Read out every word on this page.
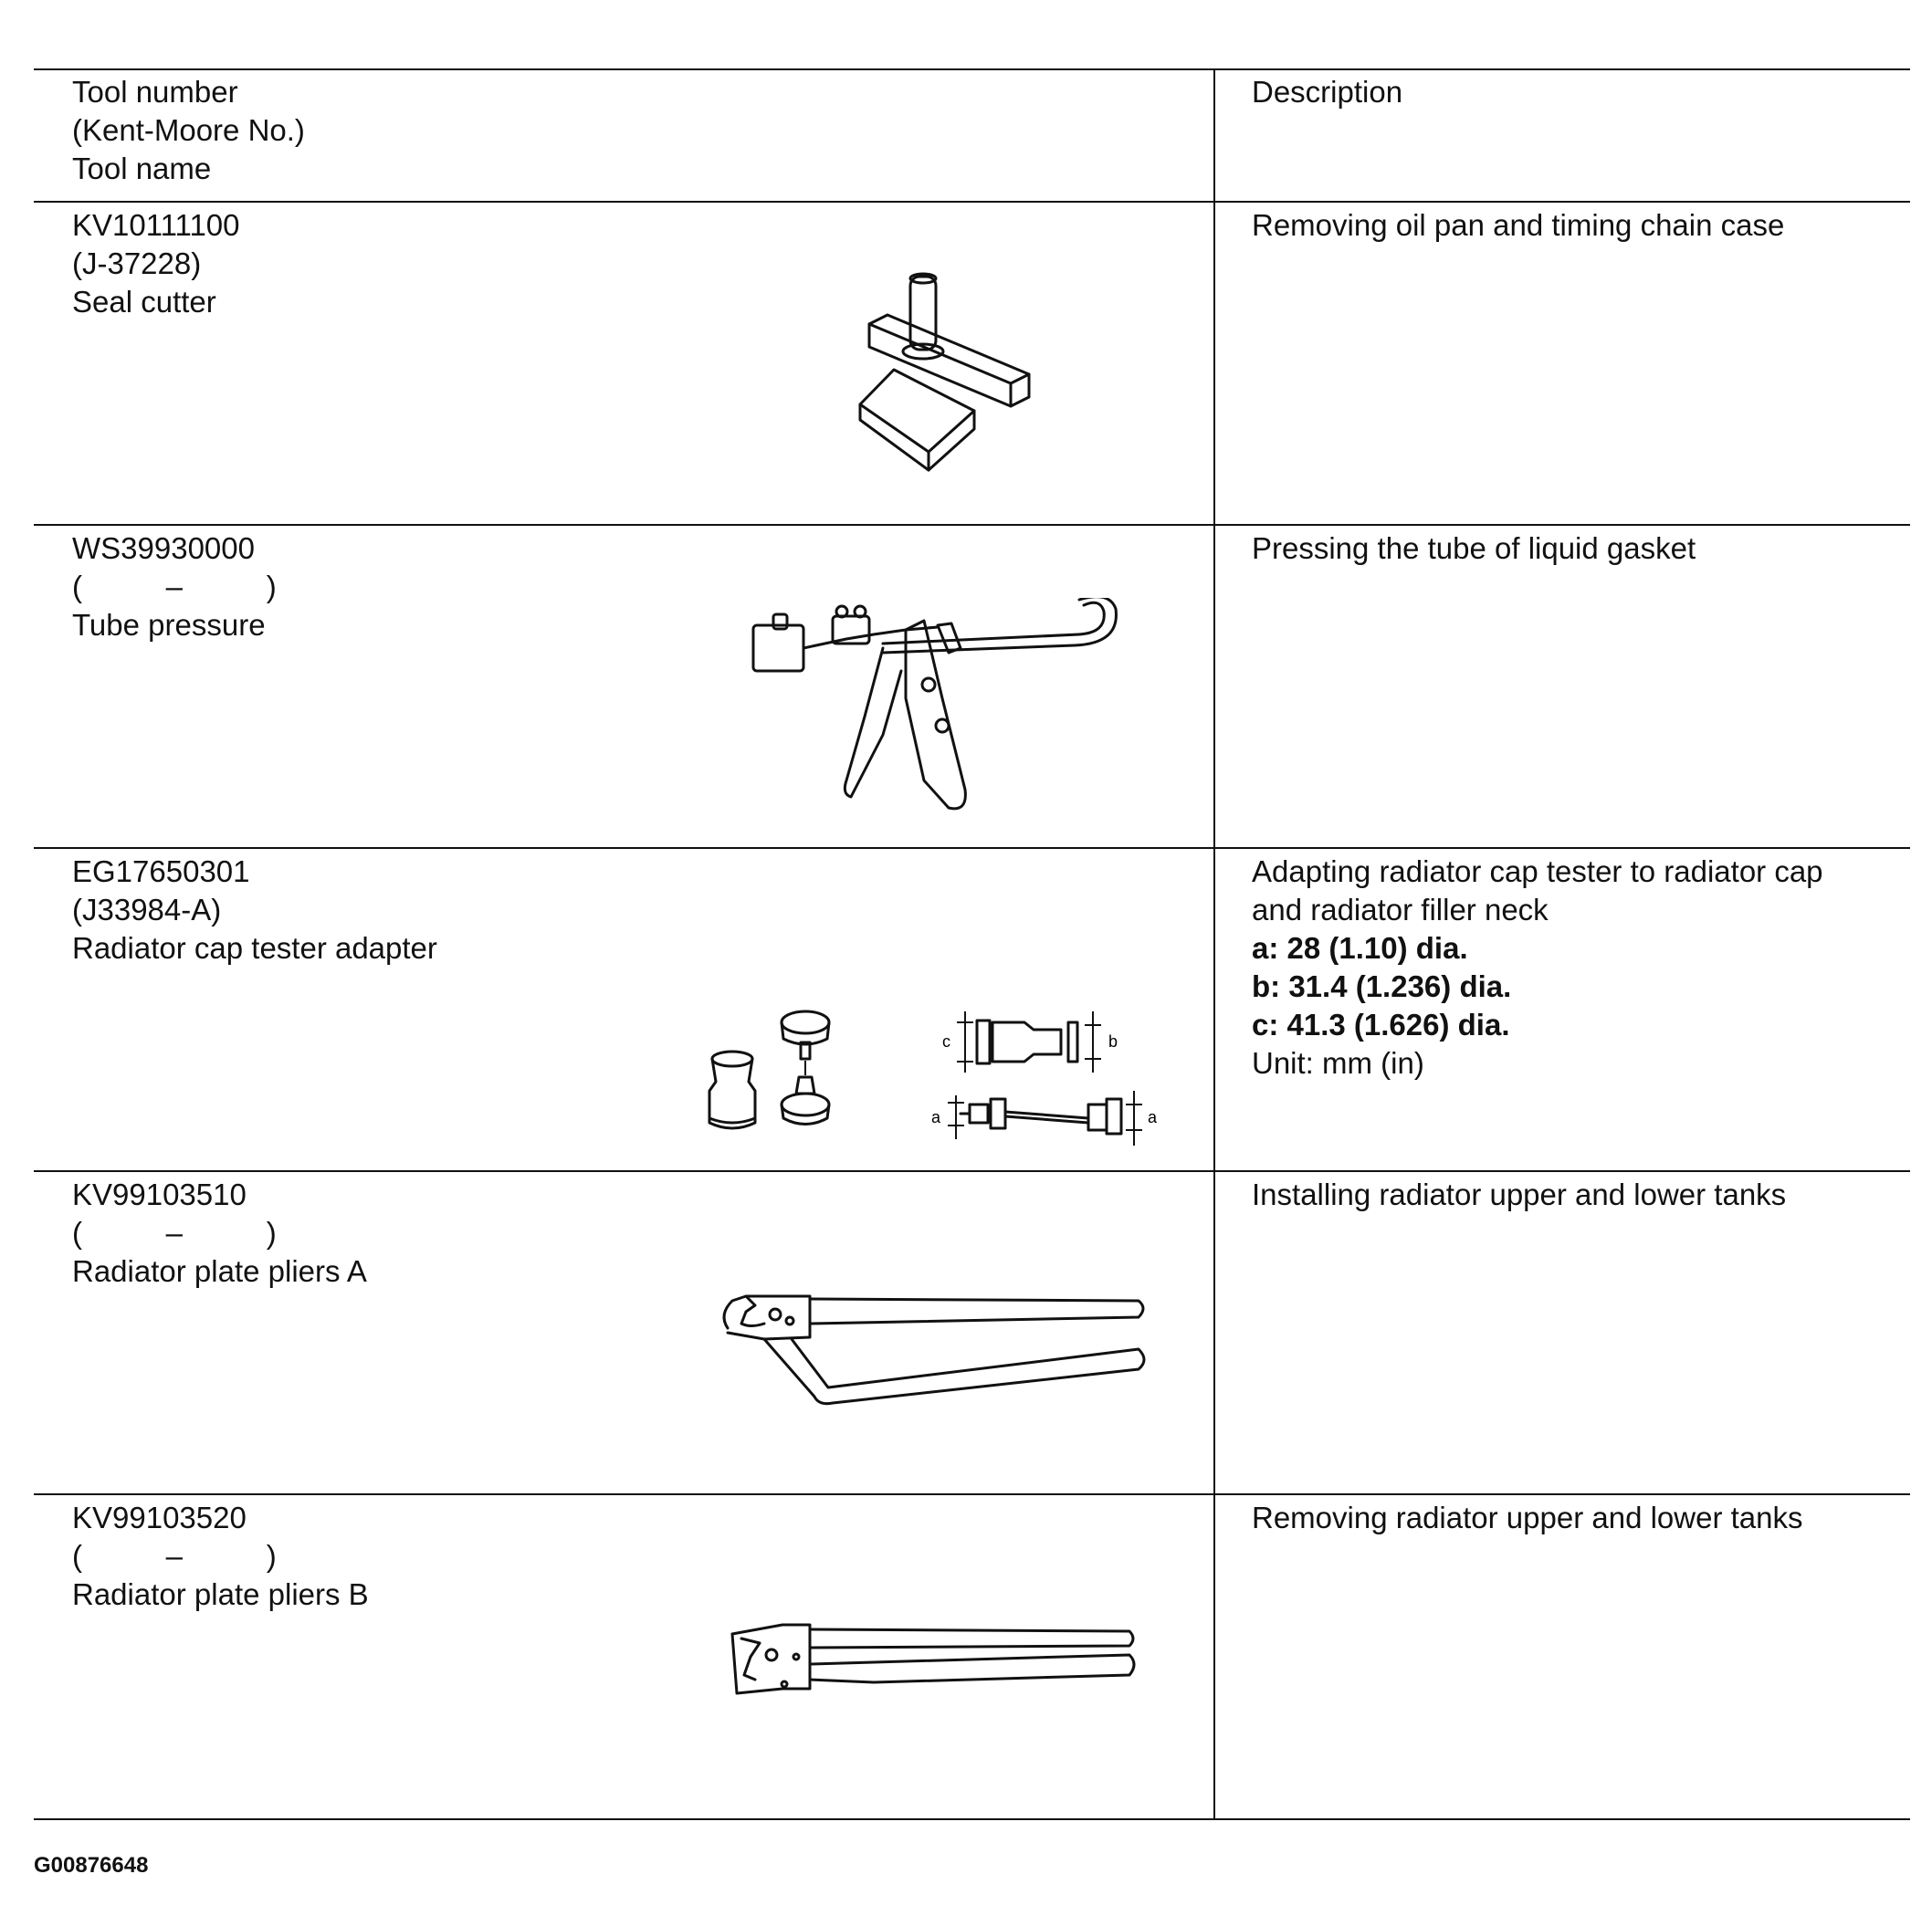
Tool number
(Kent-Moore No.)
Tool name
Description
KV10111100
(J-37228)
Seal cutter
Removing oil pan and timing chain case
WS39930000
(          –          )
Tube pressure
Pressing the tube of liquid gasket
EG17650301
(J33984-A)
Radiator cap tester adapter
Adapting radiator cap tester to radiator cap
and radiator filler neck
a: 28 (1.10) dia.
b: 31.4 (1.236) dia.
c: 41.3 (1.626) dia.
Unit: mm (in)
c	b
a	a
KV99103510
(          –          )
Radiator plate pliers A
Installing radiator upper and lower tanks
KV99103520
(          –          )
Radiator plate pliers B
Removing radiator upper and lower tanks
G00876648
